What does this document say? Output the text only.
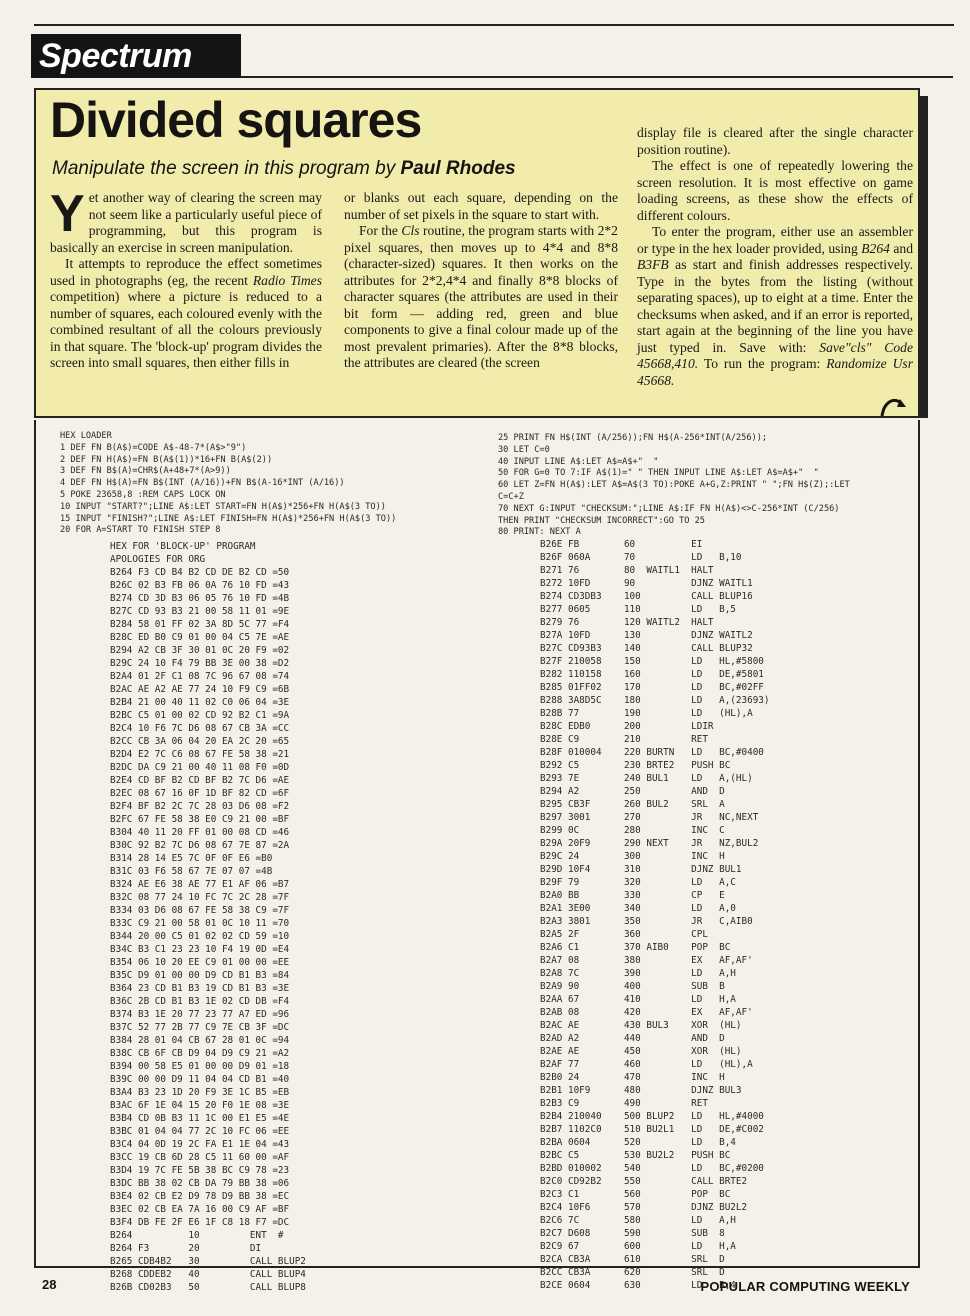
Spectrum
Divided squares
Manipulate the screen in this program by Paul Rhodes

Yet another way of clearing the screen may not seem like a particularly useful piece of programming, but this program is basically an exercise in screen manipulation.

It attempts to reproduce the effect sometimes used in photographs (eg, the recent Radio Times competition) where a picture is reduced to a number of squares, each coloured evenly with the combined resultant of all the colours previously in that square. The 'block-up' program divides the screen into small squares, then either fills in

or blanks out each square, depending on the number of set pixels in the square to start with.

For the Cls routine, the program starts with 2*2 pixel squares, then moves up to 4*4 and 8*8 (character-sized) squares. It then works on the attributes for 2*2,4*4 and finally 8*8 blocks of character squares (the attributes are used in their bit form — adding red, green and blue components to give a final colour made up of the most prevalent primaries). After the 8*8 blocks, the attributes are cleared (the screen

display file is cleared after the single character position routine).

The effect is one of repeatedly lowering the screen resolution. It is most effective on game loading screens, as these show the effects of different colours.

To enter the program, either use an assembler or type in the hex loader provided, using B264 and B3FB as start and finish addresses respectively. Type in the bytes from the listing (without separating spaces), up to eight at a time. Enter the checksums when asked, and if an error is reported, start again at the beginning of the line you have just typed in. Save with: Save"cls" Code 45668,410. To run the program: Randomize Usr 45668.

HEX LOADER
1 DEF FN B(A$)=CODE A$-48-7*(A$>"9")
2 DEF FN H(A$)=FN B(A$(1))*16+FN B(A$(2))
3 DEF FN B$(A)=CHR$(A+48+7*(A>9))
4 DEF FN H$(A)=FN B$(INT (A/16))+FN B$(A-16*INT (A/16))
5 POKE 23658,8 :REM CAPS LOCK ON
10 INPUT "START?";LINE A$:LET START=FN H(A$)*256+FN H(A$(3 TO))
15 INPUT "FINISH?";LINE A$:LET FINISH=FN H(A$)*256+FN H(A$(3 TO))
20 FOR A=START TO FINISH STEP 8
25 PRINT FN H$(INT (A/256));FN H$(A-256*INT(A/256));
30 LET C=0
40 INPUT LINE A$:LET A$=A$+"  "
50 FOR G=0 TO 7:IF A$(1)=" " THEN INPUT LINE A$:LET A$=A$+"  "
60 LET Z=FN H(A$):LET A$=A$(3 TO):POKE A+G,Z:PRINT " ";FN H$(Z);:LET
C=C+Z
70 NEXT G:INPUT "CHECKSUM:";LINE A$:IF FN H(A$)<>C-256*INT (C/256)
THEN PRINT "CHECKSUM INCORRECT":GO TO 25
80 PRINT: NEXT A
HEX FOR 'BLOCK-UP' PROGRAM
APOLOGIES FOR ORG
B264 F3 CD B4 B2 CD DE B2 CD =50
B26C 02 B3 FB 06 0A 76 10 FD =43
B274 CD 3D B3 06 05 76 10 FD =4B
B27C CD 93 B3 21 00 58 11 01 =9E
B284 58 01 FF 02 3A 8D 5C 77 =F4
B28C ED B0 C9 01 00 04 C5 7E =AE
B294 A2 CB 3F 30 01 0C 20 F9 =02
B29C 24 10 F4 79 BB 3E 00 38 =D2
B2A4 01 2F C1 08 7C 96 67 08 =74
B2AC AE A2 AE 77 24 10 F9 C9 =6B
B2B4 21 00 40 11 02 C0 06 04 =3E
B2BC C5 01 00 02 CD 92 B2 C1 =9A
B2C4 10 F6 7C D6 08 67 CB 3A =CC
B2CC CB 3A 06 04 20 EA 2C 20 =65
B2D4 E2 7C C6 08 67 FE 58 38 =21
B2DC DA C9 21 00 40 11 08 F0 =0D
B2E4 CD BF B2 CD BF B2 7C D6 =AE
B2EC 08 67 16 0F 1D BF 82 CD =6F
B2F4 BF B2 2C 7C 28 03 D6 08 =F2
B2FC 67 FE 58 38 E0 C9 21 00 =BF
B304 40 11 20 FF 01 00 08 CD =46
B30C 92 B2 7C D6 08 67 7E 87 =2A
B314 28 14 E5 7C 0F 0F E6 =B0
B31C 03 F6 58 67 7E 07 07 =4B
B324 AE E6 38 AE 77 E1 AF 06 =B7
B32C 08 77 24 10 FC 7C 2C 28 =7F
B334 03 D6 08 67 FE 58 38 C9 =7F
B33C C9 21 00 58 01 0C 10 11 =70
B344 20 00 C5 01 02 02 CD 59 =10
B34C B3 C1 23 23 10 F4 19 0D =E4
B354 06 10 20 EE C9 01 00 00 =EE
B35C D9 01 00 00 D9 CD B1 B3 =84
B364 23 CD B1 B3 19 CD B1 B3 =3E
B36C 2B CD B1 B3 1E 02 CD DB =F4
B374 B3 1E 20 77 23 77 A7 ED =96
B37C 52 77 2B 77 C9 7E CB 3F =DC
B384 28 01 04 CB 67 28 01 0C =94
B38C CB 6F CB D9 04 D9 C9 21 =A2
B394 00 58 E5 01 00 00 D9 01 =18
B39C 00 00 D9 11 04 04 CD B1 =40
B3A4 B3 23 1D 20 F9 3E 1C B5 =EB
B3AC 6F 1E 04 15 20 F0 1E 08 =3E
B3B4 CD 0B B3 11 1C 00 E1 E5 =4E
B3BC 01 04 04 77 2C 10 FC 06 =EE
B3C4 04 0D 19 2C FA E1 1E 04 =43
B3CC 19 CB 6D 28 C5 11 60 00 =AF
B3D4 19 7C FE 5B 38 BC C9 78 =23
B3DC BB 38 02 CB DA 79 BB 38 =06
B3E4 02 CB E2 D9 78 D9 BB 38 =EC
B3EC 02 CB EA 7A 16 00 C9 AF =BF
B3F4 DB FE 2F E6 1F C8 18 F7 =DC
B264          10         ENT  #
B264 F3       20         DI
B265 CDB4B2   30         CALL BLUP2
B268 CDDEB2   40         CALL BLUP4
B26B CD02B3   50         CALL BLUP8
B26E FB        60          EI
B26F 060A      70          LD   B,10
B271 76        80  WAITL1  HALT
B272 10FD      90          DJNZ WAITL1
B274 CD3DB3    100         CALL BLUP16
B277 0605      110         LD   B,5
B279 76        120 WAITL2  HALT
B27A 10FD      130         DJNZ WAITL2
B27C CD93B3    140         CALL BLUP32
B27F 210058    150         LD   HL,#5800
B282 110158    160         LD   DE,#5801
B285 01FF02    170         LD   BC,#02FF
B288 3A8D5C    180         LD   A,(23693)
B28B 77        190         LD   (HL),A
B28C EDB0      200         LDIR
B28E C9        210         RET
B28F 010004    220 BURTN   LD   BC,#0400
B292 C5        230 BRTE2   PUSH BC
B293 7E        240 BUL1    LD   A,(HL)
B294 A2        250         AND  D
B295 CB3F      260 BUL2    SRL  A
B297 3001      270         JR   NC,NEXT
B299 0C        280         INC  C
B29A 20F9      290 NEXT    JR   NZ,BUL2
B29C 24        300         INC  H
B29D 10F4      310         DJNZ BUL1
B29F 79        320         LD   A,C
B2A0 BB        330         CP   E
B2A1 3E00      340         LD   A,0
B2A3 3801      350         JR   C,AIB0
B2A5 2F        360         CPL
B2A6 C1        370 AIB0    POP  BC
B2A7 08        380         EX   AF,AF'
B2A8 7C        390         LD   A,H
B2A9 90        400         SUB  B
B2AA 67        410         LD   H,A
B2AB 08        420         EX   AF,AF'
B2AC AE        430 BUL3    XOR  (HL)
B2AD A2        440         AND  D
B2AE AE        450         XOR  (HL)
B2AF 77        460         LD   (HL),A
B2B0 24        470         INC  H
B2B1 10F9      480         DJNZ BUL3
B2B3 C9        490         RET
B2B4 210040    500 BLUP2   LD   HL,#4000
B2B7 1102C0    510 BU2L1   LD   DE,#C002
B2BA 0604      520         LD   B,4
B2BC C5        530 BU2L2   PUSH BC
B2BD 010002    540         LD   BC,#0200
B2C0 CD92B2    550         CALL BRTE2
B2C3 C1        560         POP  BC
B2C4 10F6      570         DJNZ BU2L2
B2C6 7C        580         LD   A,H
B2C7 D608      590         SUB  8
B2C9 67        600         LD   H,A
B2CA CB3A      610         SRL  D
B2CC CB3A      620         SRL  D
B2CE 0604      630         LD   B,4
28	POPULAR COMPUTING WEEKLY
